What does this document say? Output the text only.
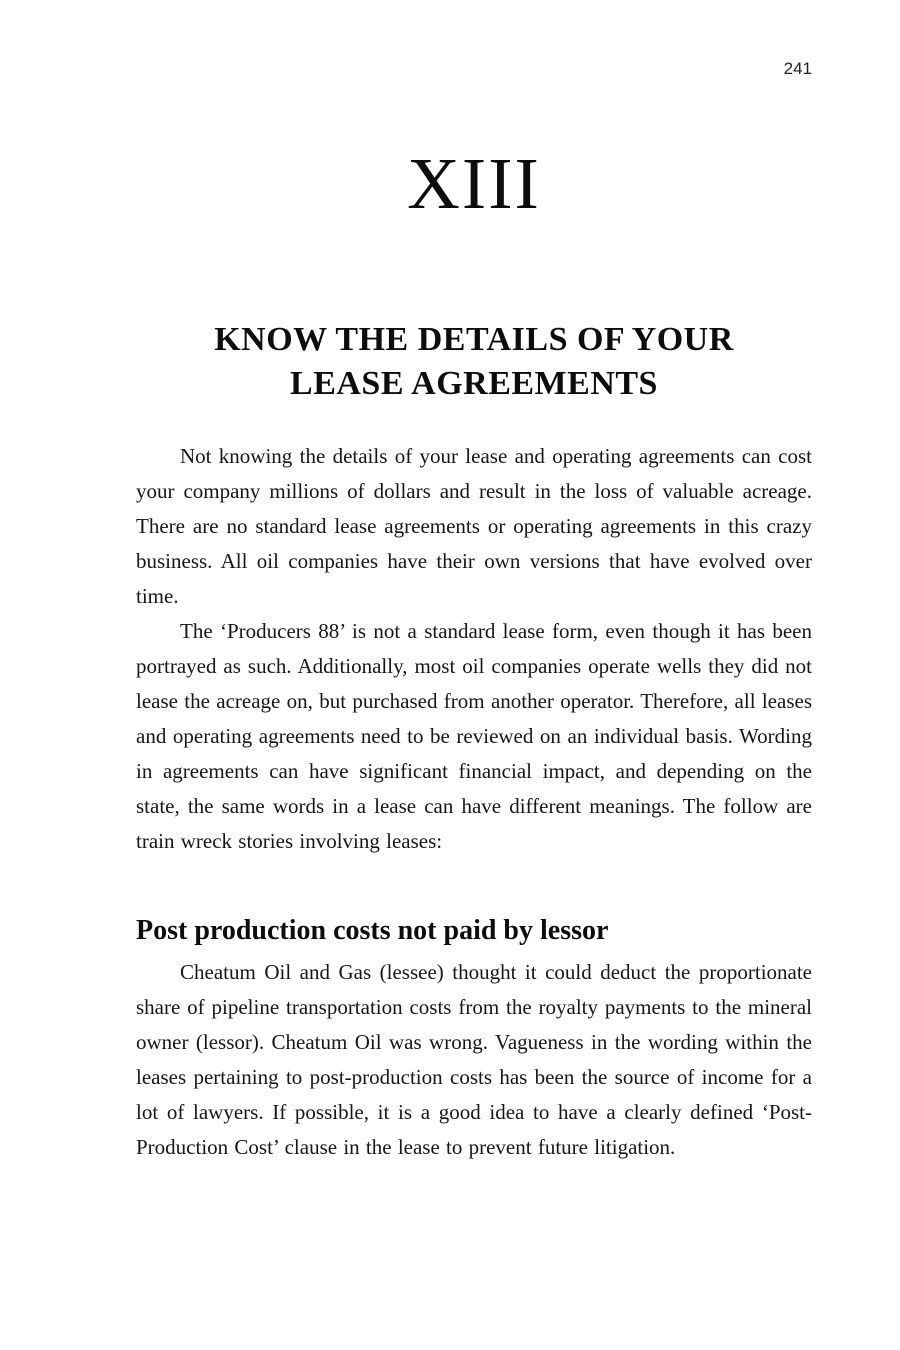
241
XIII
KNOW THE DETAILS OF YOUR
LEASE AGREEMENTS

Not knowing the details of your lease and operating agreements can cost your company millions of dollars and result in the loss of valuable acreage. There are no standard lease agreements or operating agreements in this crazy business. All oil companies have their own versions that have evolved over time.

The ‘Producers 88’ is not a standard lease form, even though it has been portrayed as such. Additionally, most oil companies operate wells they did not lease the acreage on, but purchased from another operator. Therefore, all leases and operating agreements need to be reviewed on an individual basis. Wording in agreements can have significant financial impact, and depending on the state, the same words in a lease can have different meanings. The follow are train wreck stories involving leases:

Post production costs not paid by lessor

Cheatum Oil and Gas (lessee) thought it could deduct the proportionate share of pipeline transportation costs from the royalty payments to the mineral owner (lessor). Cheatum Oil was wrong. Vagueness in the wording within the leases pertaining to post-production costs has been the source of income for a lot of lawyers. If possible, it is a good idea to have a clearly defined ‘Post-Production Cost’ clause in the lease to prevent future litigation.
